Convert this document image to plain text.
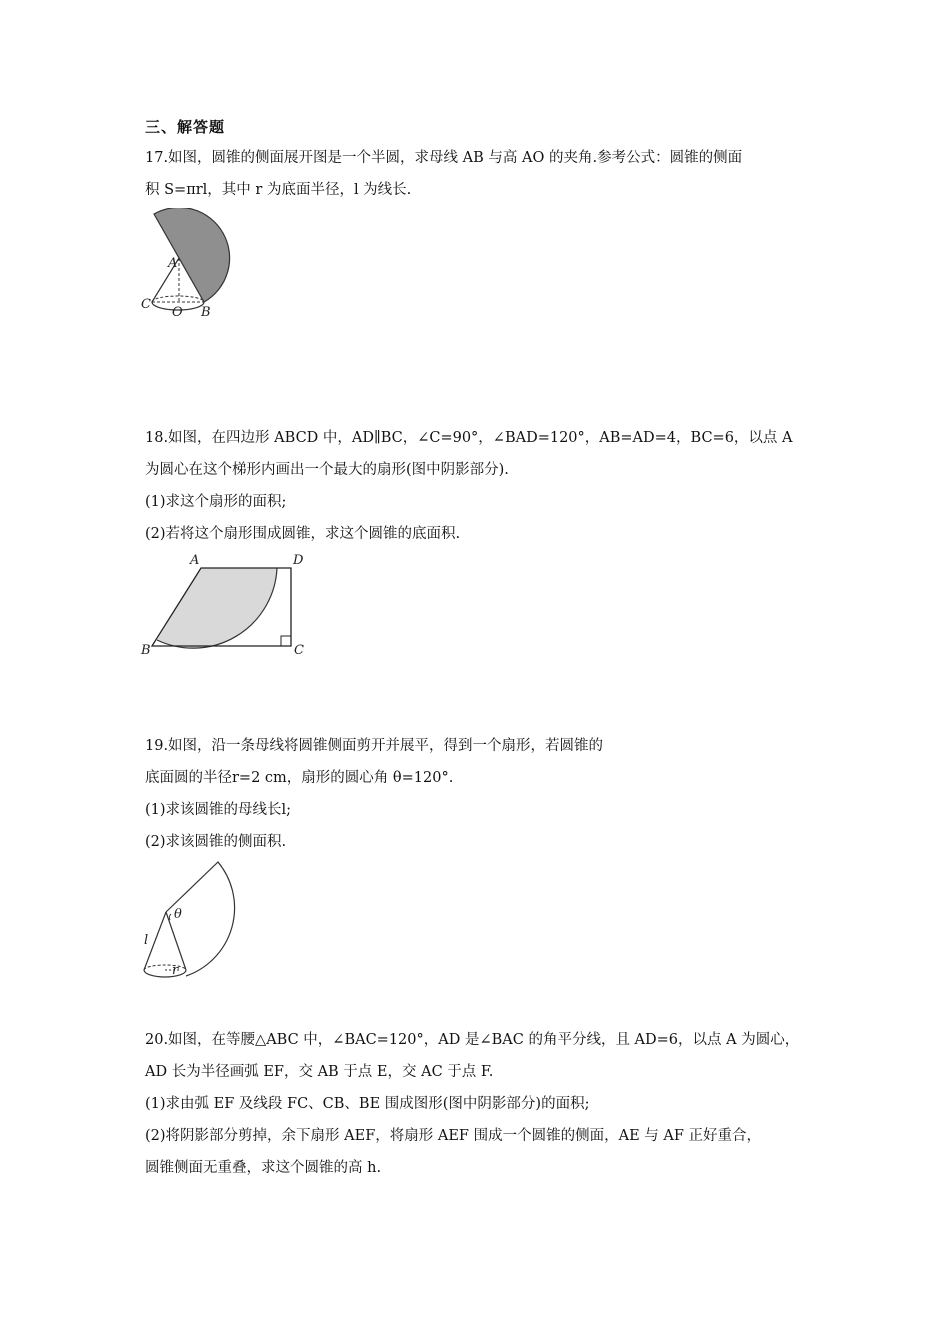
三、解答题
17.如图，圆锥的侧面展开图是一个半圆，求母线 AB 与高 AO 的夹角.参考公式：圆锥的侧面
积 S=πrl，其中 r 为底面半径，l 为线长.
A
C
O B
18.如图，在四边形 ABCD 中，AD∥BC，∠C=90°，∠BAD=120°，AB=AD=4，BC=6，以点 A
为圆心在这个梯形内画出一个最大的扇形(图中阴影部分).
(1)求这个扇形的面积;
(2)若将这个扇形围成圆锥，求这个圆锥的底面积.
A	D
B	C
19.如图，沿一条母线将圆锥侧面剪开并展平，得到一个扇形，若圆锥的
底面圆的半径r=2 cm，扇形的圆心角 θ=120°.
(1)求该圆锥的母线长l;
(2)求该圆锥的侧面积.
θ
l
r
20.如图，在等腰△ABC 中，∠BAC=120°，AD 是∠BAC 的角平分线，且 AD=6，以点 A 为圆心，
AD 长为半径画弧 EF，交 AB 于点 E，交 AC 于点 F.
(1)求由弧 EF 及线段 FC、CB、BE 围成图形(图中阴影部分)的面积;
(2)将阴影部分剪掉，余下扇形 AEF，将扇形 AEF 围成一个圆锥的侧面，AE 与 AF 正好重合，
圆锥侧面无重叠，求这个圆锥的高 h.
